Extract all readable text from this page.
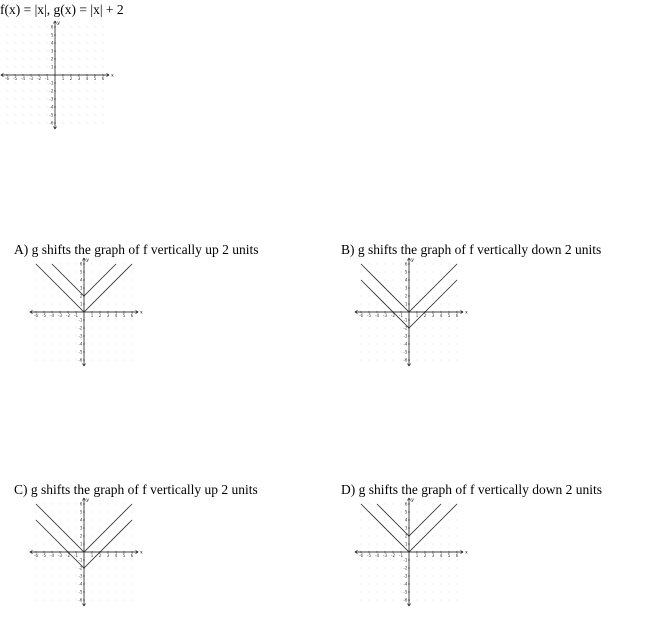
f(x) = |x|, g(x) = |x| + 2
-6 -5 -4 -3 -2 -1	1 2 3 4 5 6
-6
-5
-4
-3
-2
-1
1
2
3
4
5
6
x
y
A) g shifts the graph of f vertically up 2 units
-6 -5 -4 -3 -2 -1	1 2 3 4 5 6
-6
-5
-4
-3
-2
-1
1
2
3
4
5
6
x
y
B) g shifts the graph of f vertically down 2 units
-6 -5 -4 -3 -2 -1	1 2 3 4 5 6
-6
-5
-4
-3
-2
-1
1
2
3
4
5
6
x
y
C) g shifts the graph of f vertically up 2 units
-6 -5 -4 -3 -2 -1	1 2 3 4 5 6
-6
-5
-4
-3
-2
-1
1
2
3
4
5
6
x
y
D) g shifts the graph of f vertically down 2 units
-6 -5 -4 -3 -2 -1	1 2 3 4 5 6
-6
-5
-4
-3
-2
-1
1
2
3
4
5
6
x
y
